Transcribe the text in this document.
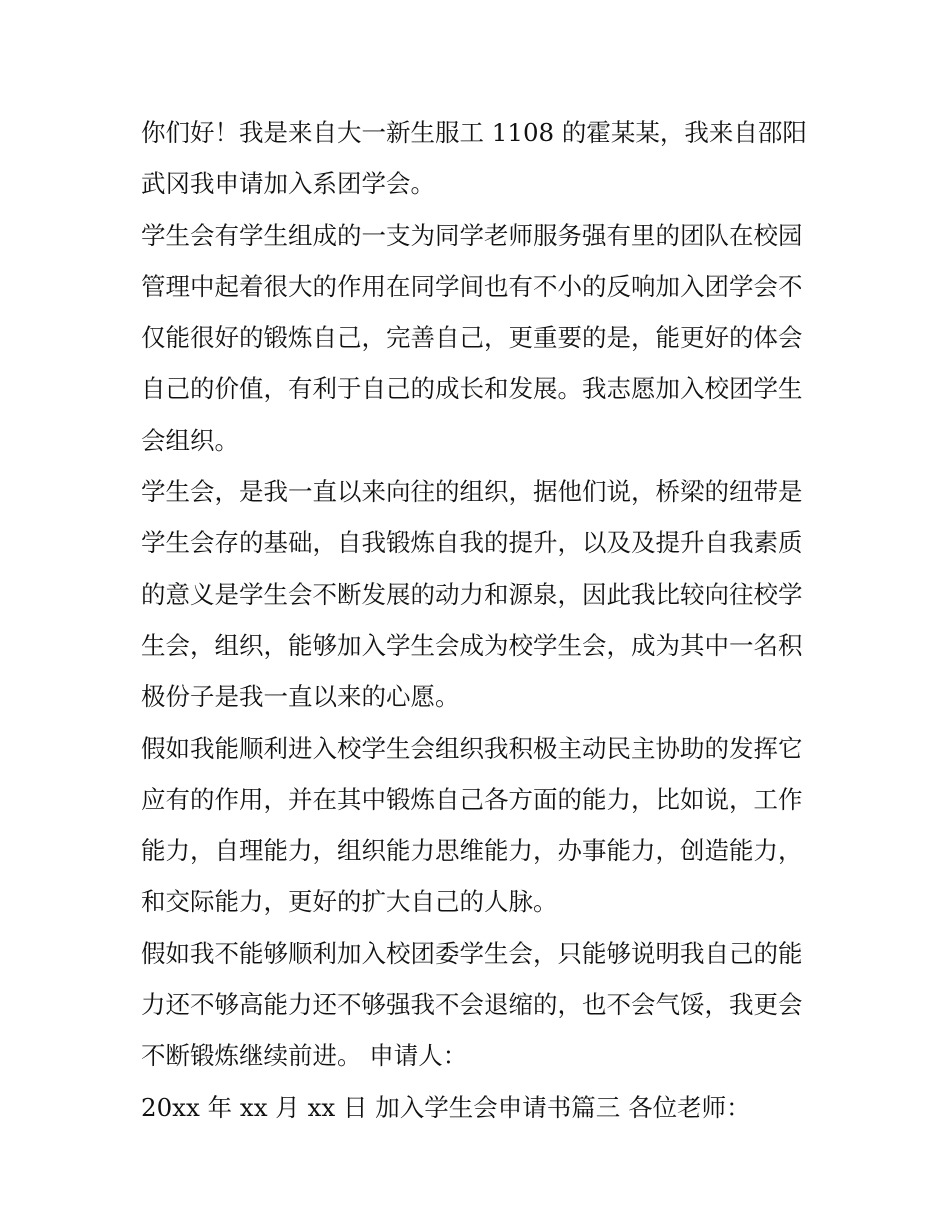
你们好！我是来自大一新生服工 1108 的霍某某，我来自邵阳
武冈我申请加入系团学会。
学生会有学生组成的一支为同学老师服务强有里的团队在校园
管理中起着很大的作用在同学间也有不小的反响加入团学会不
仅能很好的锻炼自己，完善自己，更重要的是，能更好的体会
自己的价值，有利于自己的成长和发展。我志愿加入校团学生
会组织。
学生会，是我一直以来向往的组织，据他们说，桥梁的纽带是
学生会存的基础，自我锻炼自我的提升，以及及提升自我素质
的意义是学生会不断发展的动力和源泉，因此我比较向往校学
生会，组织，能够加入学生会成为校学生会，成为其中一名积
极份子是我一直以来的心愿。
假如我能顺利进入校学生会组织我积极主动民主协助的发挥它
应有的作用，并在其中锻炼自己各方面的能力，比如说，工作
能力，自理能力，组织能力思维能力，办事能力，创造能力，
和交际能力，更好的扩大自己的人脉。
假如我不能够顺利加入校团委学生会，只能够说明我自己的能
力还不够高能力还不够强我不会退缩的，也不会气馁，我更会
不断锻炼继续前进。 申请人：
20xx 年 xx 月 xx 日 加入学生会申请书篇三 各位老师：
